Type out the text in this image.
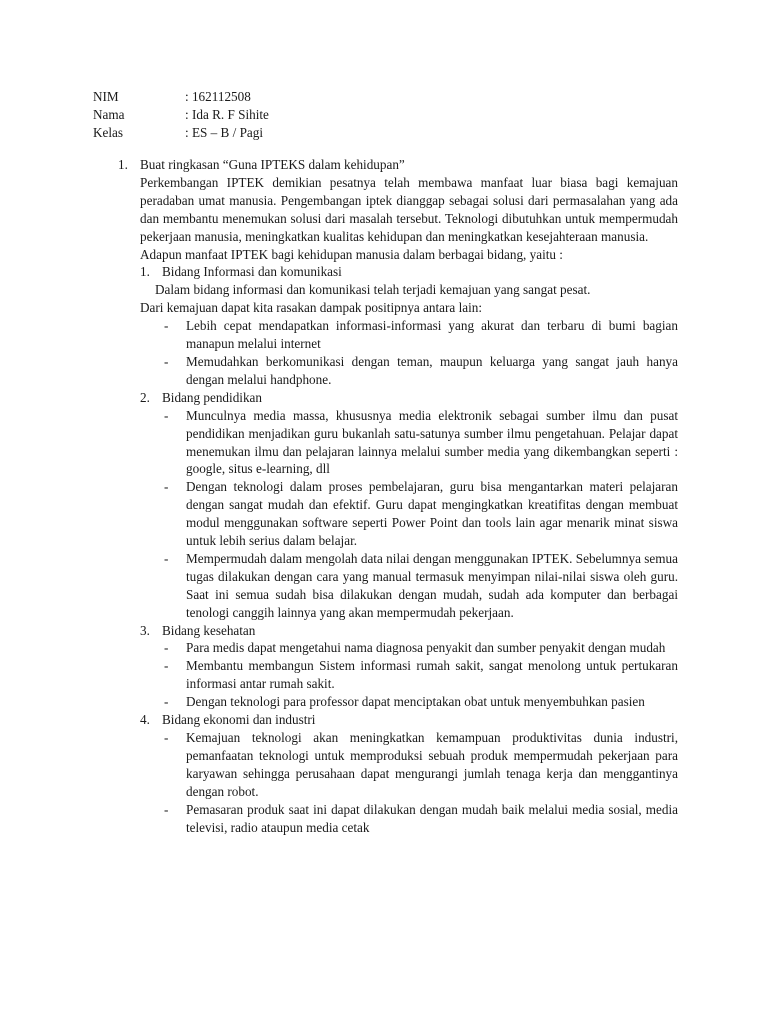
NIM	: 162112508
Nama	: Ida R. F Sihite
Kelas	: ES – B / Pagi
1. Buat ringkasan “Guna IPTEKS dalam kehidupan”
Perkembangan IPTEK demikian pesatnya telah membawa manfaat luar biasa bagi kemajuan peradaban umat manusia. Pengembangan iptek dianggap sebagai solusi dari permasalahan yang ada dan membantu menemukan solusi dari masalah tersebut. Teknologi dibutuhkan untuk mempermudah pekerjaan manusia, meningkatkan kualitas kehidupan dan meningkatkan kesejahteraan manusia.
Adapun manfaat IPTEK bagi kehidupan manusia dalam berbagai bidang, yaitu :
1. Bidang Informasi dan komunikasi
Dalam bidang informasi dan komunikasi telah terjadi kemajuan yang sangat pesat.
Dari kemajuan dapat kita rasakan dampak positipnya antara lain:
- Lebih cepat mendapatkan informasi-informasi yang akurat dan terbaru di bumi bagian manapun melalui internet
- Memudahkan berkomunikasi dengan teman, maupun keluarga yang sangat jauh hanya dengan melalui handphone.
2. Bidang pendidikan
- Munculnya media massa, khususnya media elektronik sebagai sumber ilmu dan pusat pendidikan menjadikan guru bukanlah satu-satunya sumber ilmu pengetahuan. Pelajar dapat menemukan ilmu dan pelajaran lainnya melalui sumber media yang dikembangkan seperti : google, situs e-learning, dll
- Dengan teknologi dalam proses pembelajaran, guru bisa mengantarkan materi pelajaran dengan sangat mudah dan efektif. Guru dapat mengingkatkan kreatifitas dengan membuat modul menggunakan software seperti Power Point dan tools lain agar menarik minat siswa untuk lebih serius dalam belajar.
- Mempermudah dalam mengolah data nilai dengan menggunakan IPTEK. Sebelumnya semua tugas dilakukan dengan cara yang manual termasuk menyimpan nilai-nilai siswa oleh guru. Saat ini semua sudah bisa dilakukan dengan mudah, sudah ada komputer dan berbagai tenologi canggih lainnya yang akan mempermudah pekerjaan.
3. Bidang kesehatan
- Para medis dapat mengetahui nama diagnosa penyakit dan sumber penyakit dengan mudah
- Membantu membangun Sistem informasi rumah sakit, sangat menolong untuk pertukaran informasi antar rumah sakit.
- Dengan teknologi para professor dapat menciptakan obat untuk menyembuhkan pasien
4. Bidang ekonomi dan industri
- Kemajuan teknologi akan meningkatkan kemampuan produktivitas dunia industri, pemanfaatan teknologi untuk memproduksi sebuah produk mempermudah pekerjaan para karyawan sehingga perusahaan dapat mengurangi jumlah tenaga kerja dan menggantinya dengan robot.
- Pemasaran produk saat ini dapat dilakukan dengan mudah baik melalui media sosial, media televisi, radio ataupun media cetak
